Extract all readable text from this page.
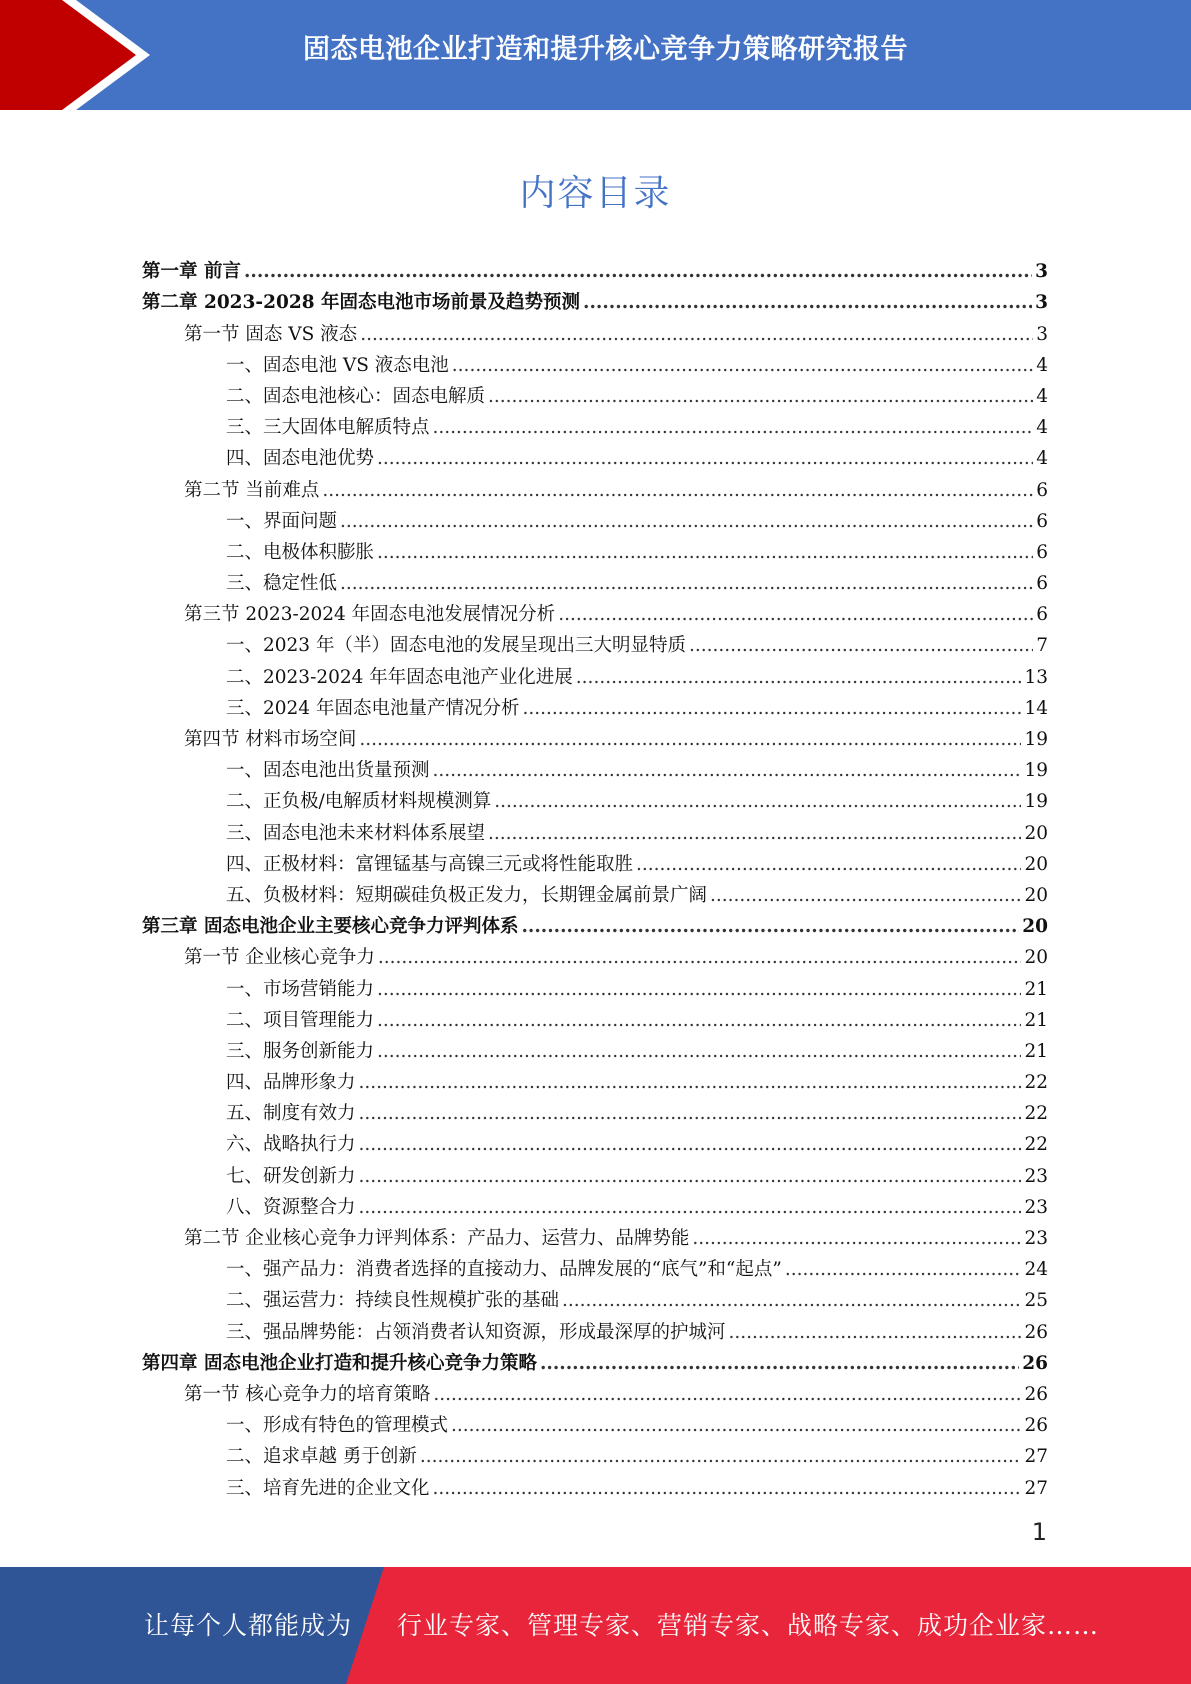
固态电池企业打造和提升核心竞争力策略研究报告
内容目录
第一章 前言 .....	3
第二章 2023-2028 年固态电池市场前景及趋势预测 .....	3
第一节 固态 VS 液态 .....	3
一、固态电池 VS 液态电池 .....	4
二、固态电池核心：固态电解质 .....	4
三、三大固体电解质特点 .....	4
四、固态电池优势 .....	4
第二节 当前难点 .....	6
一、界面问题 .....	6
二、电极体积膨胀 .....	6
三、稳定性低 .....	6
第三节 2023-2024 年固态电池发展情况分析 .....	6
一、2023 年（半）固态电池的发展呈现出三大明显特质 .....	7
二、2023-2024 年年固态电池产业化进展 .....	13
三、2024 年固态电池量产情况分析 .....	14
第四节 材料市场空间 .....	19
一、固态电池出货量预测 .....	19
二、正负极/电解质材料规模测算 .....	19
三、固态电池未来材料体系展望 .....	20
四、正极材料：富锂锰基与高镍三元或将性能取胜 .....	20
五、负极材料：短期碳硅负极正发力，长期锂金属前景广阔 .....	20
第三章 固态电池企业主要核心竞争力评判体系 .....	20
第一节 企业核心竞争力 .....	20
一、市场营销能力 .....	21
二、项目管理能力 .....	21
三、服务创新能力 .....	21
四、品牌形象力 .....	22
五、制度有效力 .....	22
六、战略执行力 .....	22
七、研发创新力 .....	23
八、资源整合力 .....	23
第二节 企业核心竞争力评判体系：产品力、运营力、品牌势能 .....	23
一、强产品力：消费者选择的直接动力、品牌发展的“底气”和“起点” .....	24
二、强运营力：持续良性规模扩张的基础 .....	25
三、强品牌势能：占领消费者认知资源，形成最深厚的护城河 .....	26
第四章 固态电池企业打造和提升核心竞争力策略 .....	26
第一节 核心竞争力的培育策略 .....	26
一、形成有特色的管理模式 .....	26
二、追求卓越 勇于创新 .....	27
三、培育先进的企业文化 .....	27
1
让每个人都能成为 行业专家、管理专家、营销专家、战略专家、成功企业家……
